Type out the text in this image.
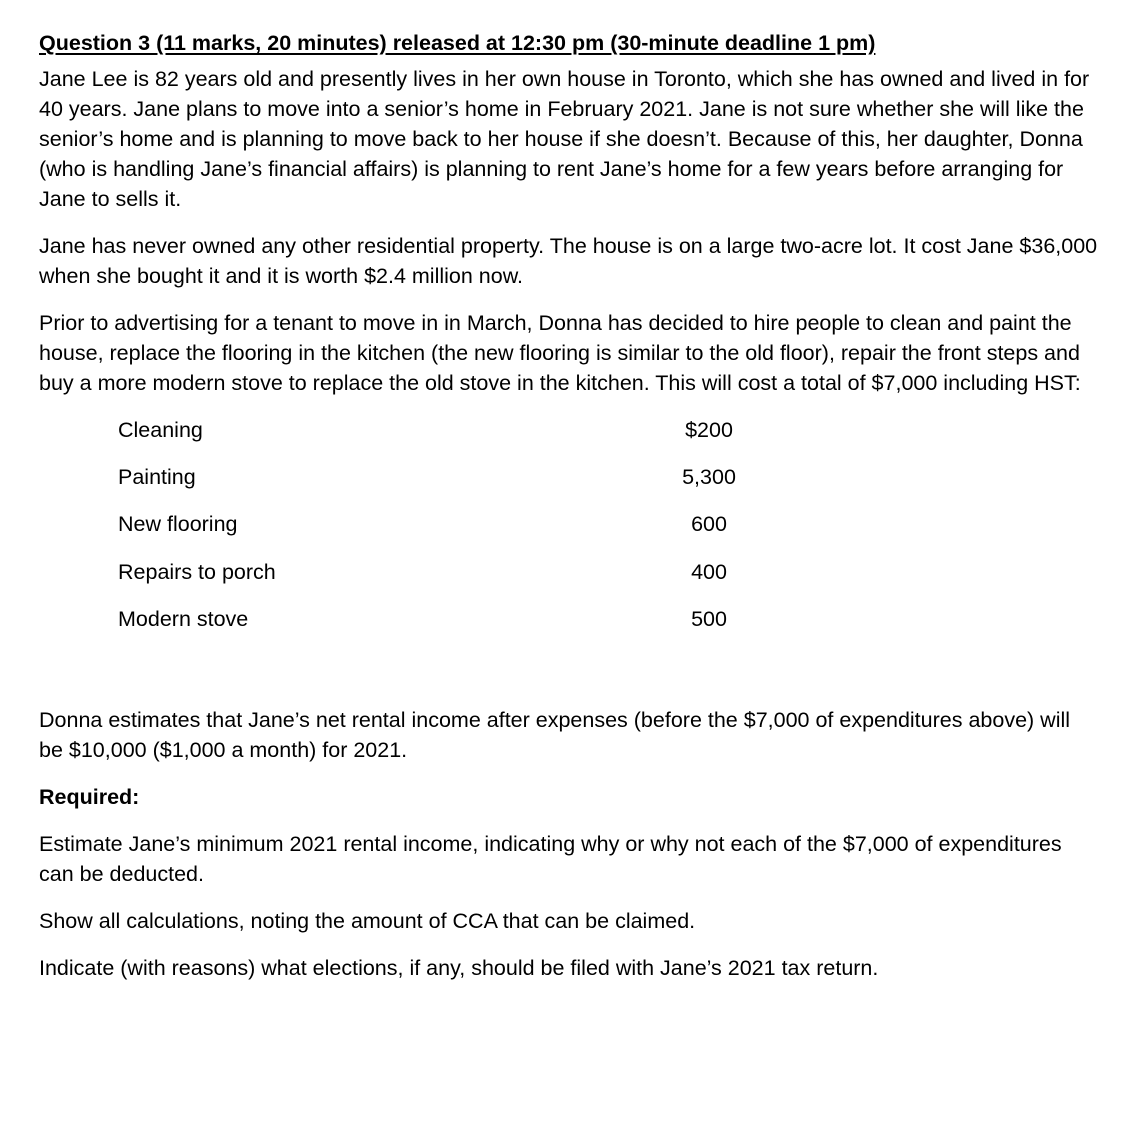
Question 3 (11 marks, 20 minutes) released at 12:30 pm (30-minute deadline 1 pm)

Jane Lee is 82 years old and presently lives in her own house in Toronto, which she has owned and lived in for 40 years. Jane plans to move into a senior’s home in February 2021. Jane is not sure whether she will like the senior’s home and is planning to move back to her house if she doesn’t. Because of this, her daughter, Donna (who is handling Jane’s financial affairs) is planning to rent Jane’s home for a few years before arranging for Jane to sells it.

Jane has never owned any other residential property. The house is on a large two-acre lot. It cost Jane $36,000 when she bought it and it is worth $2.4 million now.

Prior to advertising for a tenant to move in in March, Donna has decided to hire people to clean and paint the house, replace the flooring in the kitchen (the new flooring is similar to the old floor), repair the front steps and buy a more modern stove to replace the old stove in the kitchen. This will cost a total of $7,000 including HST:

Cleaning	$200
Painting	5,300
New flooring	600
Repairs to porch	400
Modern stove	500

Donna estimates that Jane’s net rental income after expenses (before the $7,000 of expenditures above) will be $10,000 ($1,000 a month) for 2021.

Required:

Estimate Jane’s minimum 2021 rental income, indicating why or why not each of the $7,000 of expenditures can be deducted.

Show all calculations, noting the amount of CCA that can be claimed.

Indicate (with reasons) what elections, if any, should be filed with Jane’s 2021 tax return.
